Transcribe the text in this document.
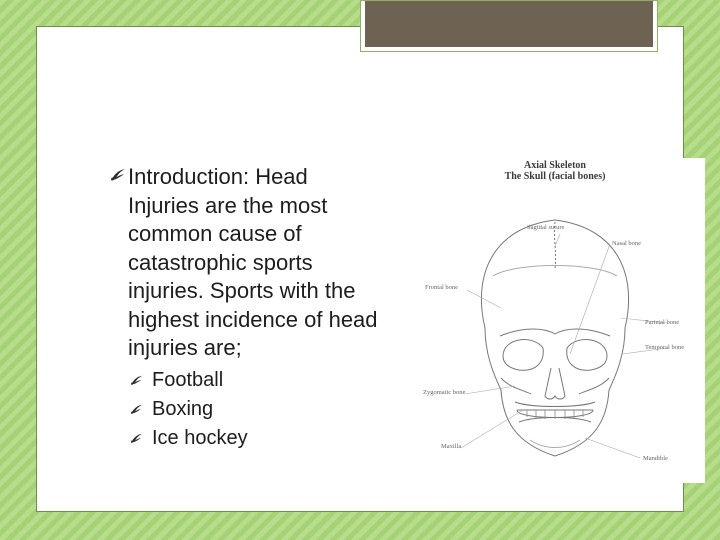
Introduction: Head Injuries are the most common cause of catastrophic sports injuries. Sports with the highest incidence of head injuries are;
Football
Boxing
Ice hockey
Axial Skeleton
The Skull (facial bones)
Sagittal suture
Nasal bone
Frontal bone
Parietal bone
Temporal bone
Zygomatic bone
Maxilla
Mandible
